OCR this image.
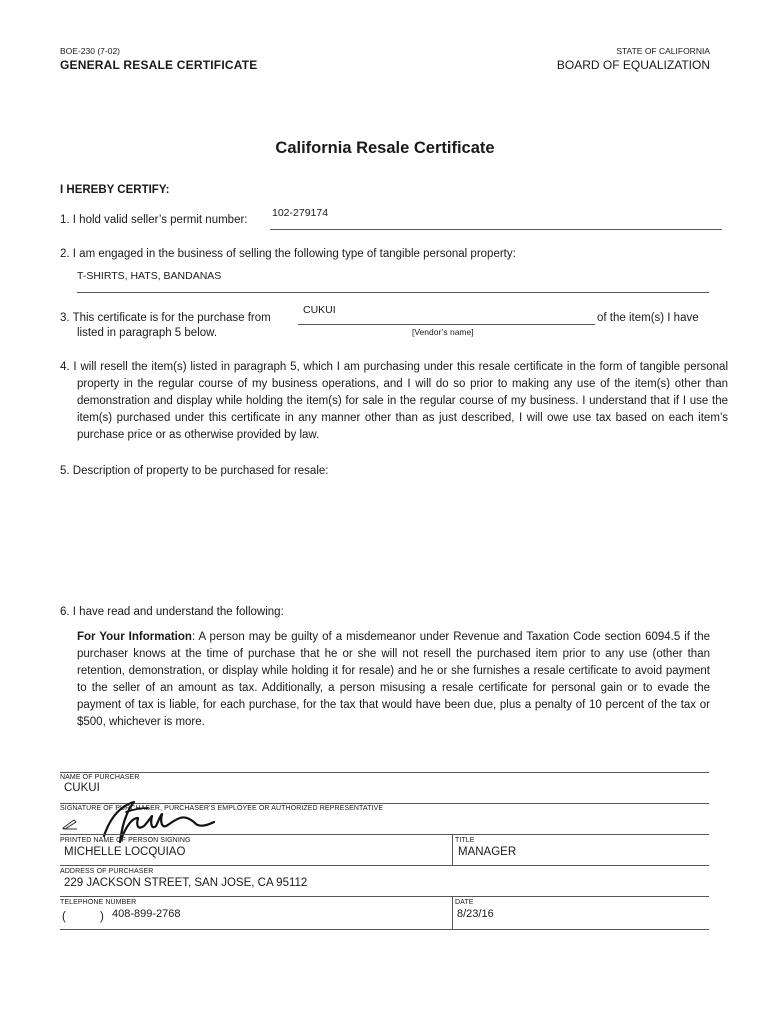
BOE-230 (7-02)
GENERAL RESALE CERTIFICATE
STATE OF CALIFORNIA
BOARD OF EQUALIZATION
California Resale Certificate
I HEREBY CERTIFY:
1. I hold valid seller’s permit number:
102-279174
2. I am engaged in the business of selling the following type of tangible personal property:
T-SHIRTS, HATS, BANDANAS
3. This certificate is for the purchase from
CUKUI
of the item(s) I have
listed in paragraph 5 below.	[Vendor’s name]
4. I will resell the item(s) listed in paragraph 5, which I am purchasing under this resale certificate in the form of tangible personal property in the regular course of my business operations, and I will do so prior to making any use of the item(s) other than demonstration and display while holding the item(s) for sale in the regular course of my business. I understand that if I use the item(s) purchased under this certificate in any manner other than as just described, I will owe use tax based on each item’s purchase price or as otherwise provided by law.
5. Description of property to be purchased for resale:
6. I have read and understand the following:
For Your Information: A person may be guilty of a misdemeanor under Revenue and Taxation Code section 6094.5 if the purchaser knows at the time of purchase that he or she will not resell the purchased item prior to any use (other than retention, demonstration, or display while holding it for resale) and he or she furnishes a resale certificate to avoid payment to the seller of an amount as tax. Additionally, a person misusing a resale certificate for personal gain or to evade the payment of tax is liable, for each purchase, for the tax that would have been due, plus a penalty of 10 percent of the tax or $500, whichever is more.
NAME OF PURCHASER
CUKUI
SIGNATURE OF PURCHASER, PURCHASER’S EMPLOYEE OR AUTHORIZED REPRESENTATIVE
PRINTED NAME OF PERSON SIGNING
MICHELLE LOCQUIAO
TITLE
MANAGER
ADDRESS OF PURCHASER
229 JACKSON STREET, SAN JOSE, CA 95112
TELEPHONE NUMBER
(	) 408-899-2768
DATE
8/23/16
